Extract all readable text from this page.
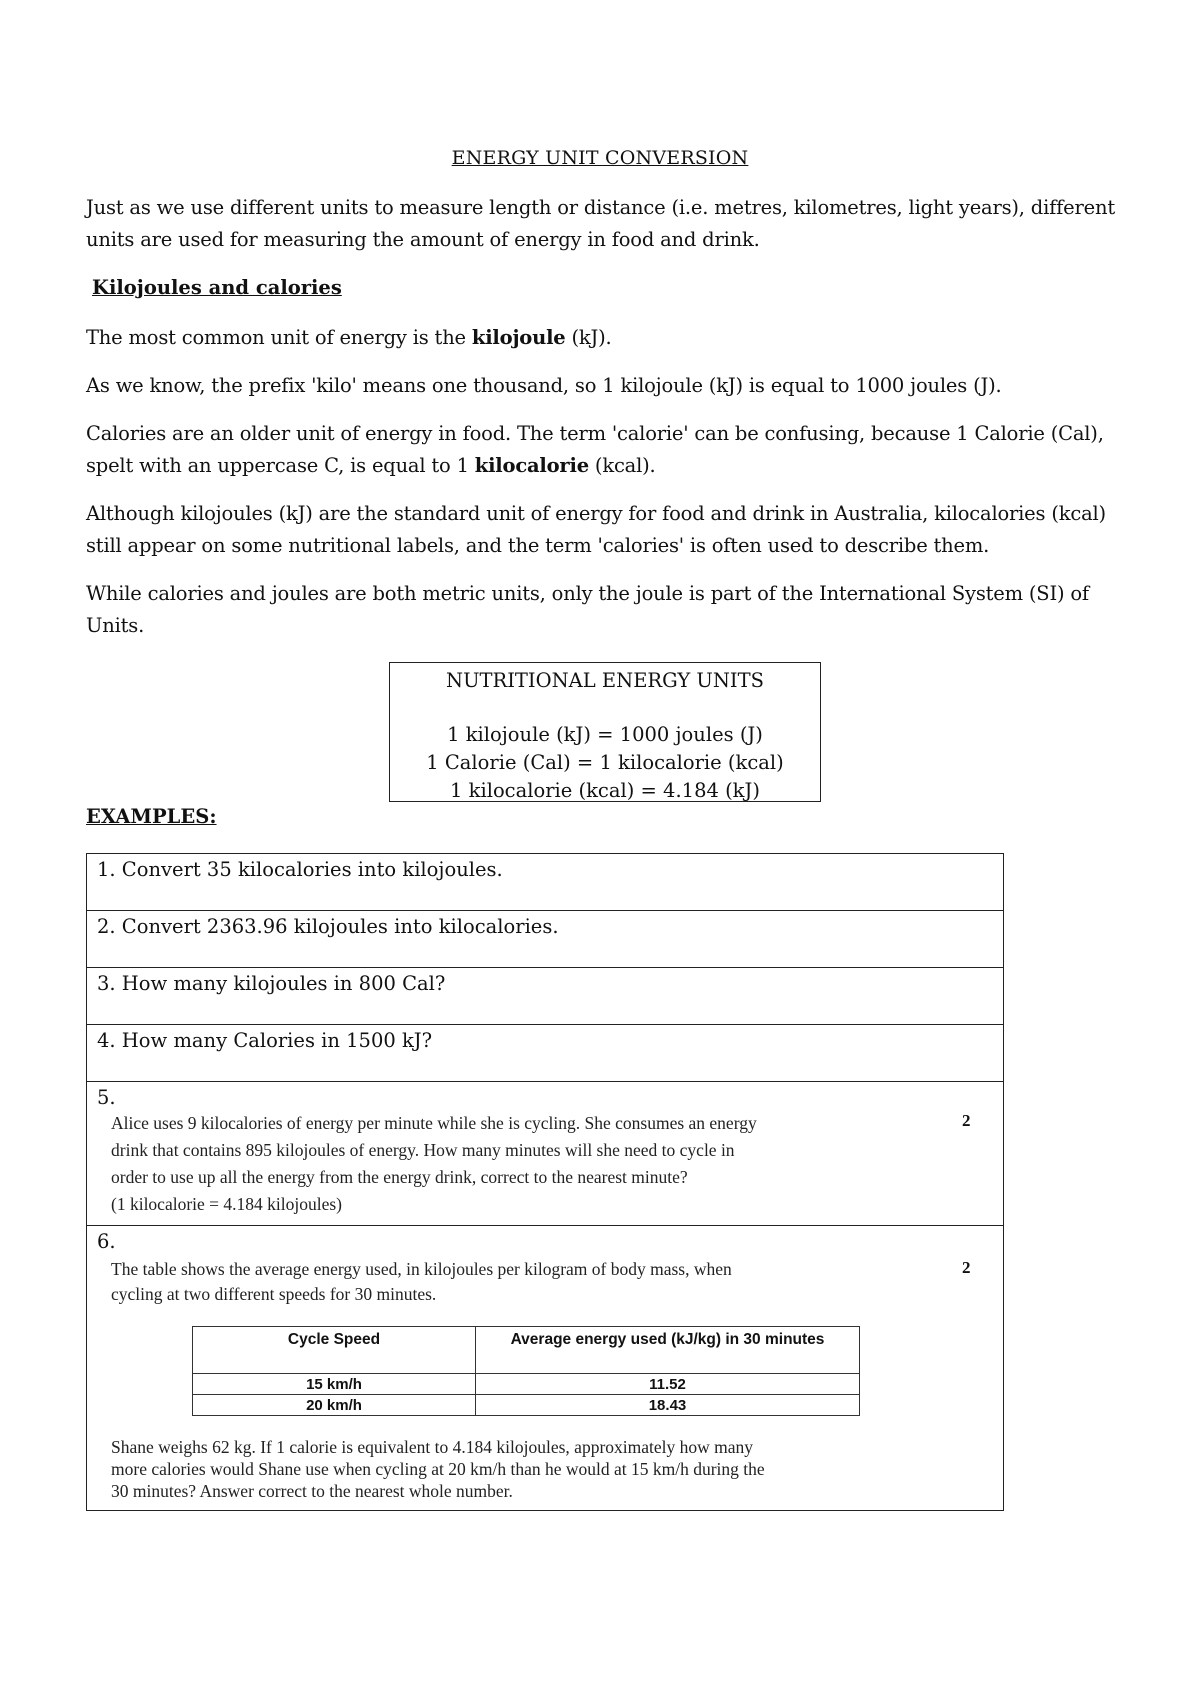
ENERGY UNIT CONVERSION
Just as we use different units to measure length or distance (i.e. metres, kilometres, light years), different units are used for measuring the amount of energy in food and drink.
Kilojoules and calories
The most common unit of energy is the kilojoule (kJ).
As we know, the prefix 'kilo' means one thousand, so 1 kilojoule (kJ) is equal to 1000 joules (J).
Calories are an older unit of energy in food. The term 'calorie' can be confusing, because 1 Calorie (Cal), spelt with an uppercase C, is equal to 1 kilocalorie (kcal).
Although kilojoules (kJ) are the standard unit of energy for food and drink in Australia, kilocalories (kcal) still appear on some nutritional labels, and the term 'calories' is often used to describe them.
While calories and joules are both metric units, only the joule is part of the International System (SI) of Units.
NUTRITIONAL ENERGY UNITS
1 kilojoule (kJ) = 1000 joules (J)
1 Calorie (Cal) = 1 kilocalorie (kcal)
1 kilocalorie (kcal) = 4.184 (kJ)
EXAMPLES:
1. Convert 35 kilocalories into kilojoules.
2. Convert 2363.96 kilojoules into kilocalories.
3. How many kilojoules in 800 Cal?
4. How many Calories in 1500 kJ?
5.
Alice uses 9 kilocalories of energy per minute while she is cycling. She consumes an energy
drink that contains 895 kilojoules of energy. How many minutes will she need to cycle in
order to use up all the energy from the energy drink, correct to the nearest minute?
(1 kilocalorie = 4.184 kilojoules)
2
6.
The table shows the average energy used, in kilojoules per kilogram of body mass, when
cycling at two different speeds for 30 minutes.
2
Shane weighs 62 kg. If 1 calorie is equivalent to 4.184 kilojoules, approximately how many
more calories would Shane use when cycling at 20 km/h than he would at 15 km/h during the
30 minutes? Answer correct to the nearest whole number.
Cycle Speed	Average energy used (kJ/kg) in 30 minutes
15 km/h	11.52
20 km/h	18.43
